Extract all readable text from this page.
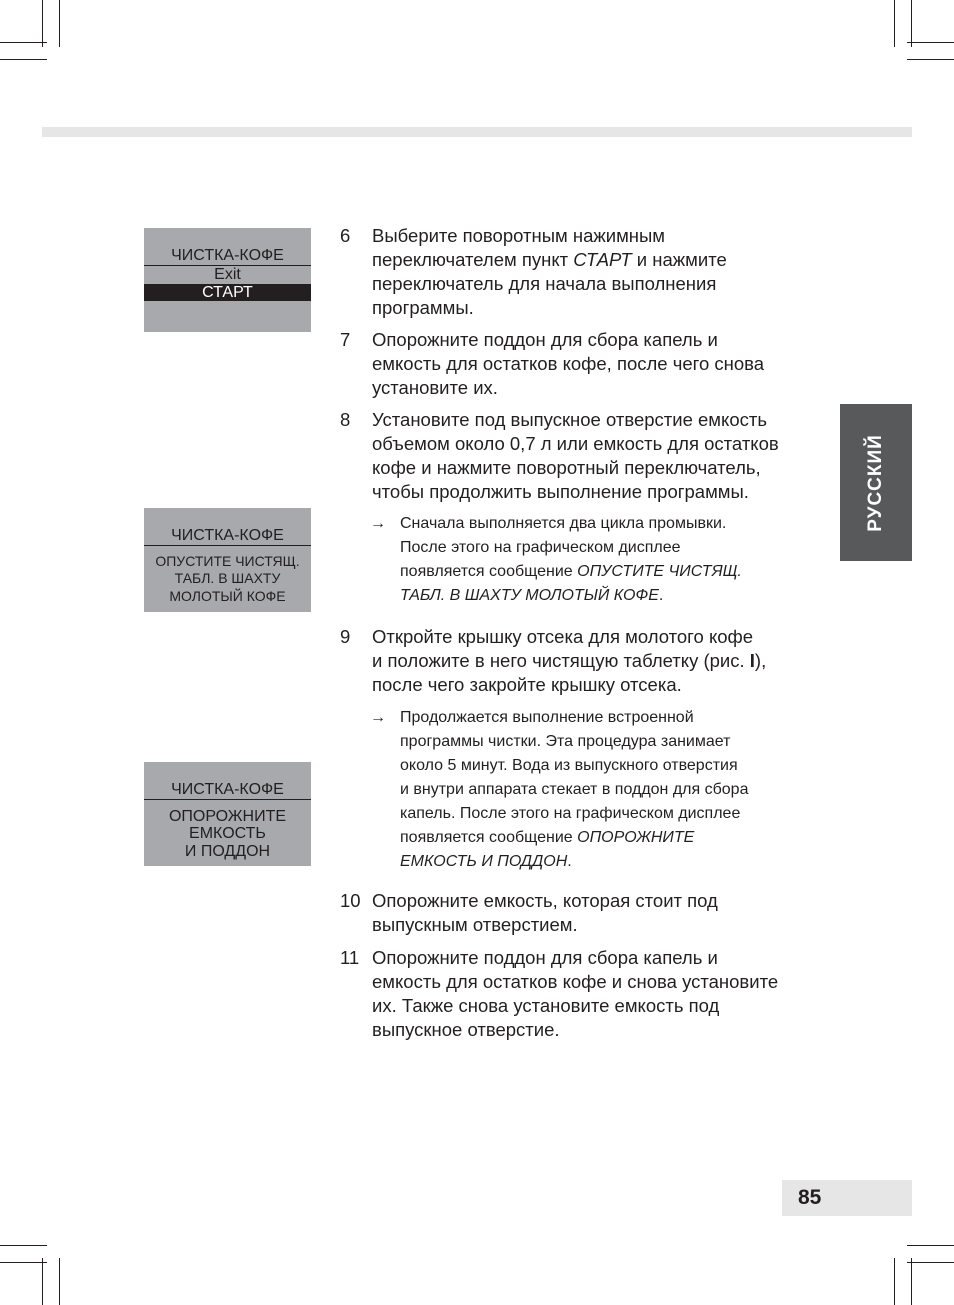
ЧИСТКА-КОФЕ
Exit
СТАРТ
ЧИСТКА-КОФЕ
ОПУСТИТЕ ЧИСТЯЩ.
ТАБЛ. В ШАХТУ
МОЛОТЫЙ КОФЕ
ЧИСТКА-КОФЕ
ОПОРОЖНИТЕ
ЕМКОСТЬ
И ПОДДОН
6	Выберите поворотным нажимным
переключателем пункт СТАРТ и нажмите
переключатель для начала выполнения
программы.
7	Опорожните поддон для сбора капель и
емкость для остатков кофе, после чего снова
установите их.
8	Установите под выпускное отверстие емкость
объемом около 0,7 л или емкость для остатков
кофе и нажмите поворотный переключатель,
чтобы продолжить выполнение программы.
→ Сначала выполняется два цикла промывки.
После этого на графическом дисплее
появляется сообщение ОПУСТИТЕ ЧИСТЯЩ.
ТАБЛ. В ШАХТУ МОЛОТЫЙ КОФЕ.
9	Откройте крышку отсека для молотого кофе
и положите в него чистящую таблетку (рис. I),
после чего закройте крышку отсека.
→ Продолжается выполнение встроенной
программы чистки. Эта процедура занимает
около 5 минут. Вода из выпускного отверстия
и внутри аппарата стекает в поддон для сбора
капель. После этого на графическом дисплее
появляется сообщение ОПОРОЖНИТЕ
ЕМКОСТЬ И ПОДДОН.
10 Опорожните емкость, которая стоит под
выпускным отверстием.
11 Опорожните поддон для сбора капель и
емкость для остатков кофе и снова установите
их. Также снова установите емкость под
выпускное отверстие.
РУССКИЙ
85
